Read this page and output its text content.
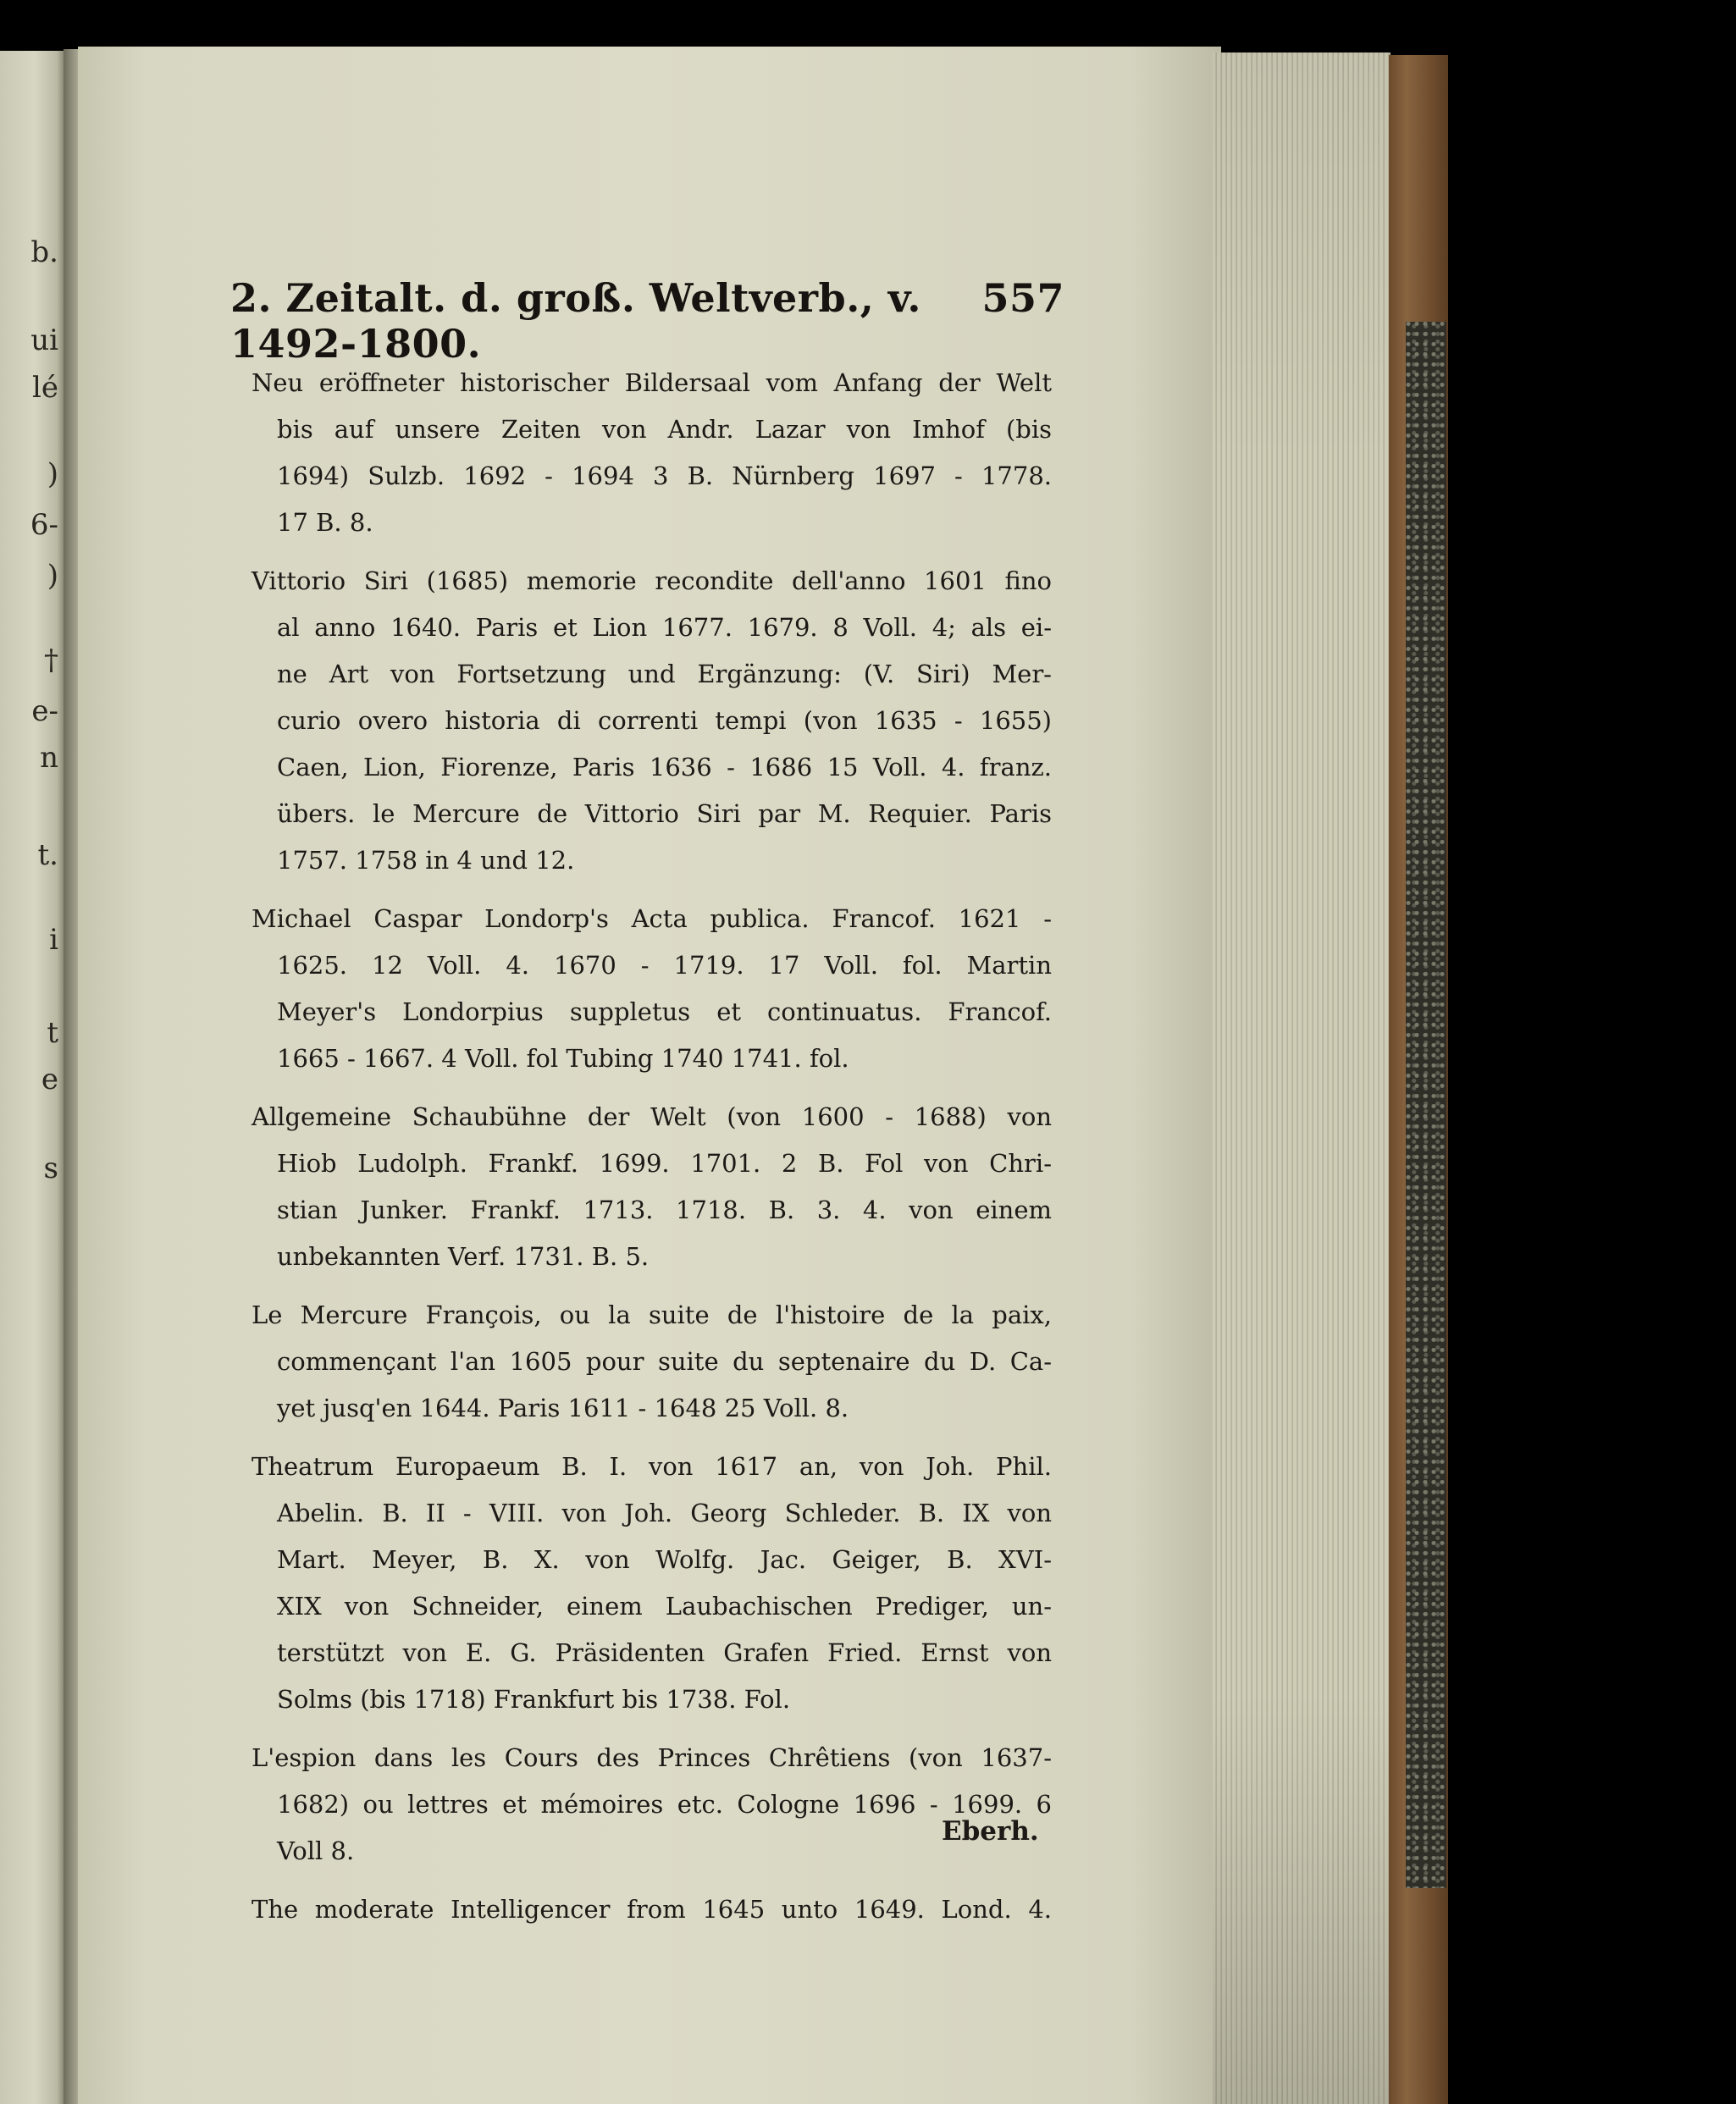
b.
ui
lé
)
6-
)
†
e-
n
t.
i
t
e
s
2. Zeitalt. d. groß. Weltverb., v. 1492-1800.
557
Neu eröffneter historischer Bildersaal vom Anfang der Welt
bis auf unsere Zeiten von Andr. Lazar von Imhof (bis
1694) Sulzb. 1692 - 1694 3 B. Nürnberg 1697 - 1778.
17 B. 8.
Vittorio Siri (1685) memorie recondite dell'anno 1601 fino
al anno 1640. Paris et Lion 1677. 1679. 8 Voll. 4; als ei-
ne Art von Fortsetzung und Ergänzung: (V. Siri) Mer-
curio overo historia di correnti tempi (von 1635 - 1655)
Caen, Lion, Fiorenze, Paris 1636 - 1686 15 Voll. 4. franz.
übers. le Mercure de Vittorio Siri par M. Requier. Paris
1757. 1758 in 4 und 12.
Michael Caspar Londorp's Acta publica. Francof. 1621 -
1625. 12 Voll. 4. 1670 - 1719. 17 Voll. fol. Martin
Meyer's Londorpius suppletus et continuatus. Francof.
1665 - 1667. 4 Voll. fol Tubing 1740 1741. fol.
Allgemeine Schaubühne der Welt (von 1600 - 1688) von
Hiob Ludolph. Frankf. 1699. 1701. 2 B. Fol von Chri-
stian Junker. Frankf. 1713. 1718. B. 3. 4. von einem
unbekannten Verf. 1731. B. 5.
Le Mercure François, ou la suite de l'histoire de la paix,
commençant l'an 1605 pour suite du septenaire du D. Ca-
yet jusq'en 1644. Paris 1611 - 1648 25 Voll. 8.
Theatrum Europaeum B. I. von 1617 an, von Joh. Phil.
Abelin. B. II - VIII. von Joh. Georg Schleder. B. IX von
Mart. Meyer, B. X. von Wolfg. Jac. Geiger, B. XVI-
XIX von Schneider, einem Laubachischen Prediger, un-
terstützt von E. G. Präsidenten Grafen Fried. Ernst von
Solms (bis 1718) Frankfurt bis 1738. Fol.
L'espion dans les Cours des Princes Chrêtiens (von 1637-
1682) ou lettres et mémoires etc. Cologne 1696 - 1699. 6
Voll 8.
The moderate Intelligencer from 1645 unto 1649. Lond. 4.
Eberh.
